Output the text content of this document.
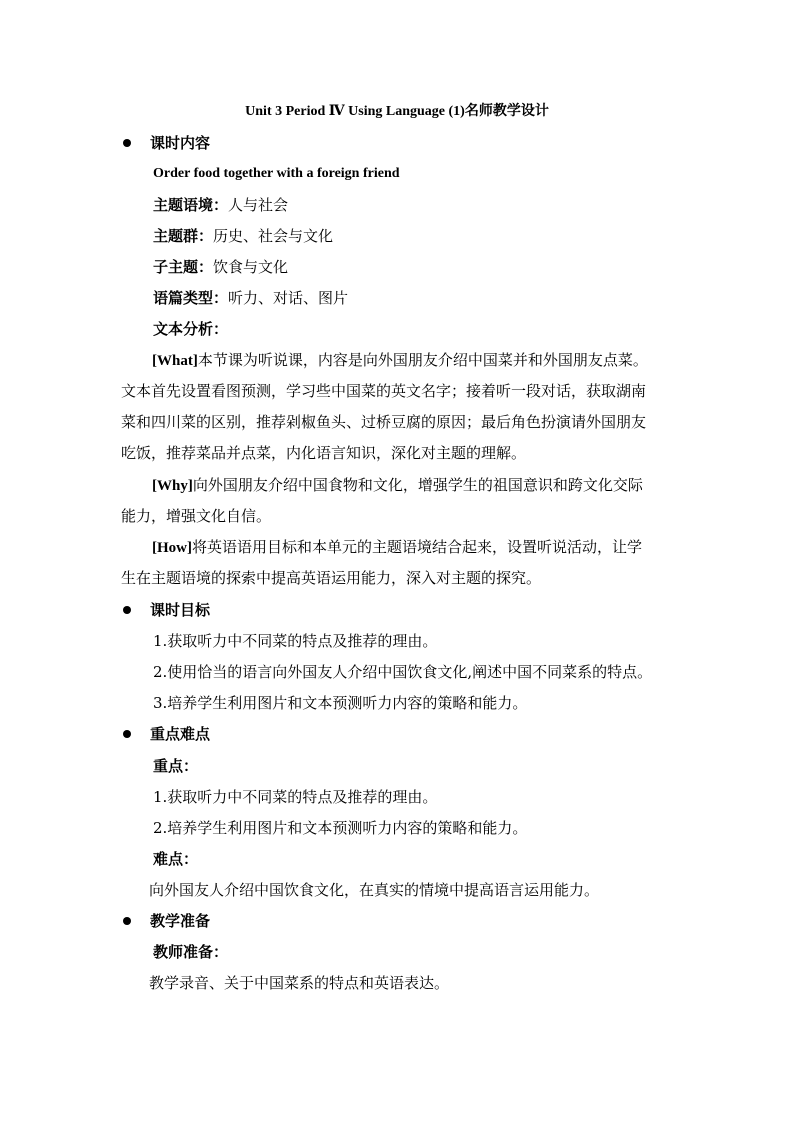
Unit 3 Period Ⅳ Using Language (1)名师教学设计
课时内容
Order food together with a foreign friend
主题语境：人与社会
主题群：历史、社会与文化
子主题：饮食与文化
语篇类型：听力、对话、图片
文本分析：
[What]本节课为听说课，内容是向外国朋友介绍中国菜并和外国朋友点菜。
文本首先设置看图预测，学习些中国菜的英文名字；接着听一段对话，获取湖南
菜和四川菜的区别，推荐剁椒鱼头、过桥豆腐的原因；最后角色扮演请外国朋友
吃饭，推荐菜品并点菜，内化语言知识，深化对主题的理解。
[Why]向外国朋友介绍中国食物和文化，增强学生的祖国意识和跨文化交际
能力，增强文化自信。
[How]将英语语用目标和本单元的主题语境结合起来，设置听说活动，让学
生在主题语境的探索中提高英语运用能力，深入对主题的探究。
课时目标
1.获取听力中不同菜的特点及推荐的理由。
2.使用恰当的语言向外国友人介绍中国饮食文化,阐述中国不同菜系的特点。
3.培养学生利用图片和文本预测听力内容的策略和能力。
重点难点
重点：
1.获取听力中不同菜的特点及推荐的理由。
2.培养学生利用图片和文本预测听力内容的策略和能力。
难点：
向外国友人介绍中国饮食文化，在真实的情境中提高语言运用能力。
教学准备
教师准备：
教学录音、关于中国菜系的特点和英语表达。
